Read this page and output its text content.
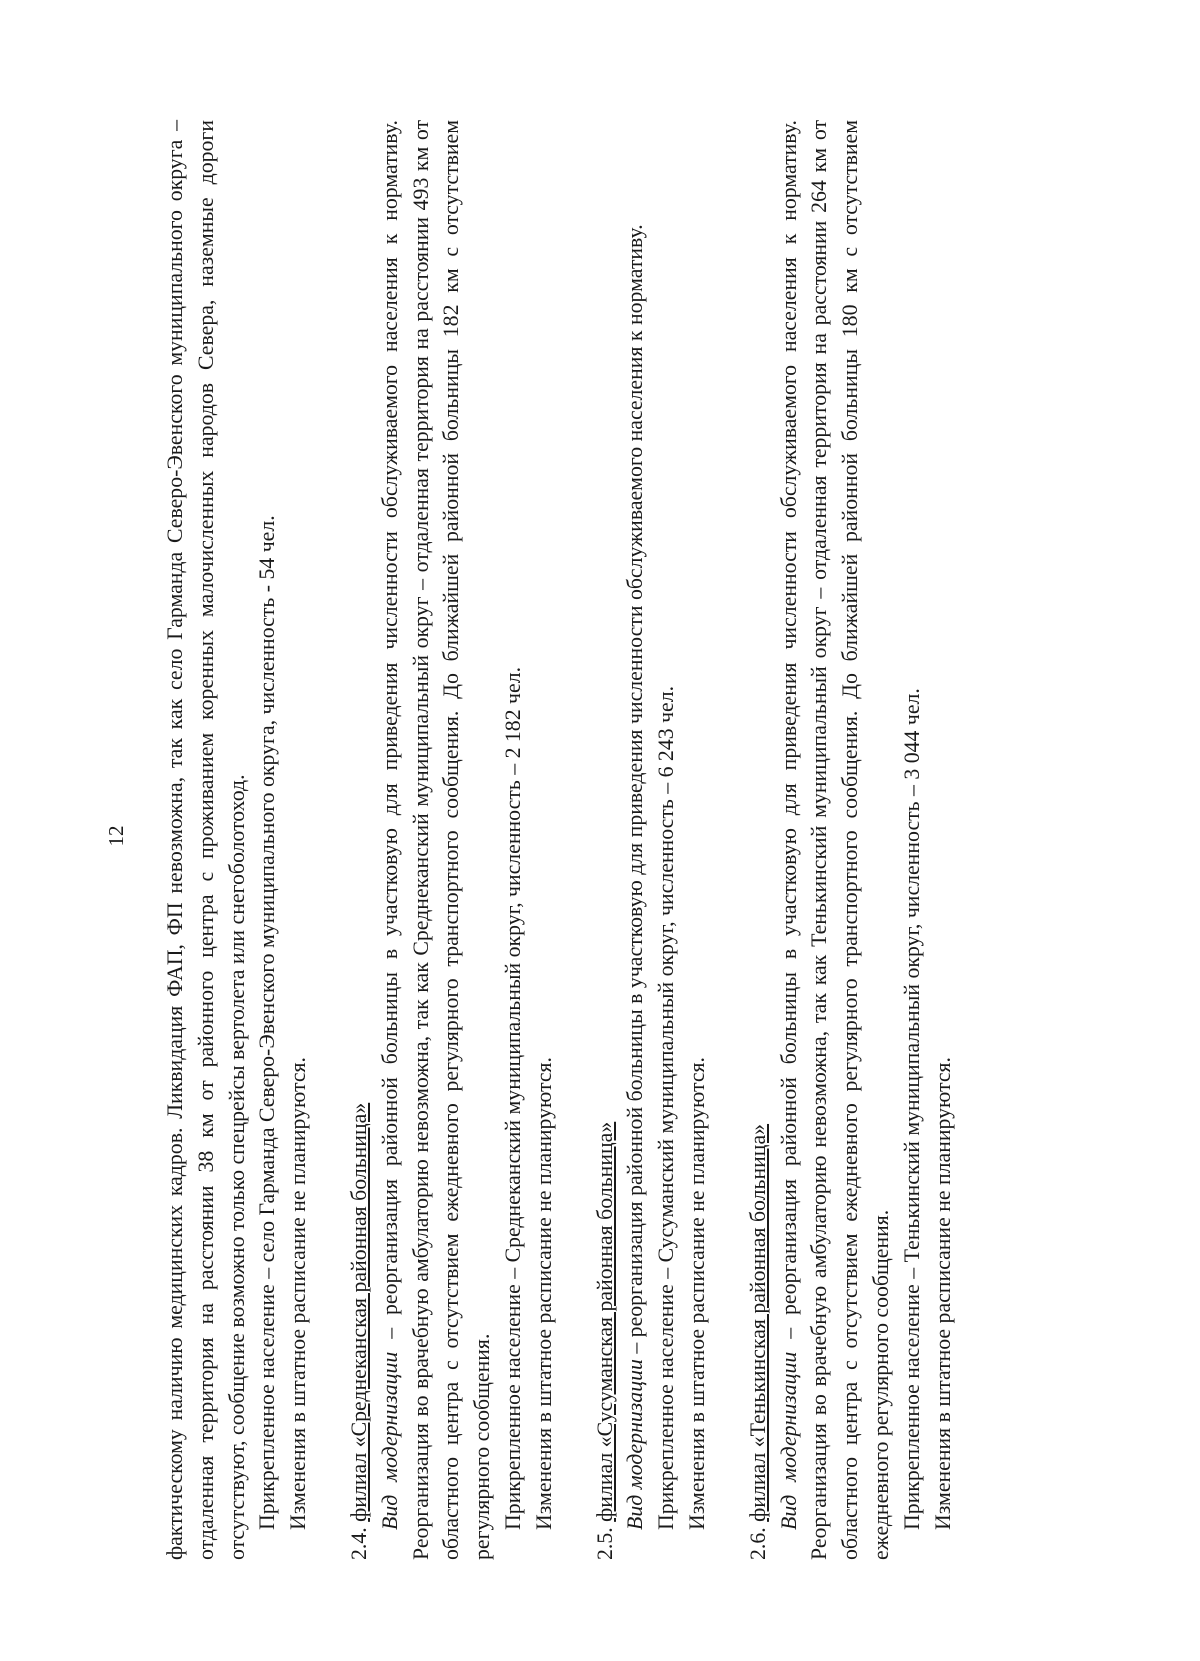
12 фактическому наличию медицинских кадров. Ликвидация ФАП, ФП невозможна, так как село Гарманда Северо-Эвенского муниципального округа – отдаленная территория на расстоянии 38 км от районного центра с проживанием коренных малочисленных народов Севера, наземные дороги отсутствуют, сообщение возможно только спецрейсы вертолета или снегоболотоход. Прикрепленное население – село Гарманда Северо-Эвенского муниципального округа, численность - 54 чел. Изменения в штатное расписание не планируются.

2.4. филиал «Среднеканская районная больница» Вид модернизации – реорганизация районной больницы в участковую для приведения численности обслуживаемого населения к нормативу. Реорганизация во врачебную амбулаторию невозможна, так как Среднеканский муниципальный округ – отдаленная территория на расстоянии 493 км от областного центра с отсутствием ежедневного регулярного транспортного сообщения. До ближайшей районной больницы 182 км с отсутствием регулярного сообщения. Прикрепленное население – Среднеканский муниципальный округ, численность – 2 182 чел. Изменения в штатное расписание не планируются.

2.5. филиал «Сусуманская районная больница» Вид модернизации – реорганизация районной больницы в участковую для приведения численности обслуживаемого населения к нормативу. Прикрепленное население – Сусуманский муниципальный округ, численность – 6 243 чел. Изменения в штатное расписание не планируются.

2.6. филиал «Тенькинская районная больница» Вид модернизации – реорганизация районной больницы в участковую для приведения численности обслуживаемого населения к нормативу. Реорганизация во врачебную амбулаторию невозможна, так как Тенькинский муниципальный округ – отдаленная территория на расстоянии 264 км от областного центра с отсутствием ежедневного регулярного транспортного сообщения. До ближайшей районной больницы 180 км с отсутствием ежедневного регулярного сообщения. Прикрепленное население – Тенькинский муниципальный округ, численность – 3 044 чел. Изменения в штатное расписание не планируются.
